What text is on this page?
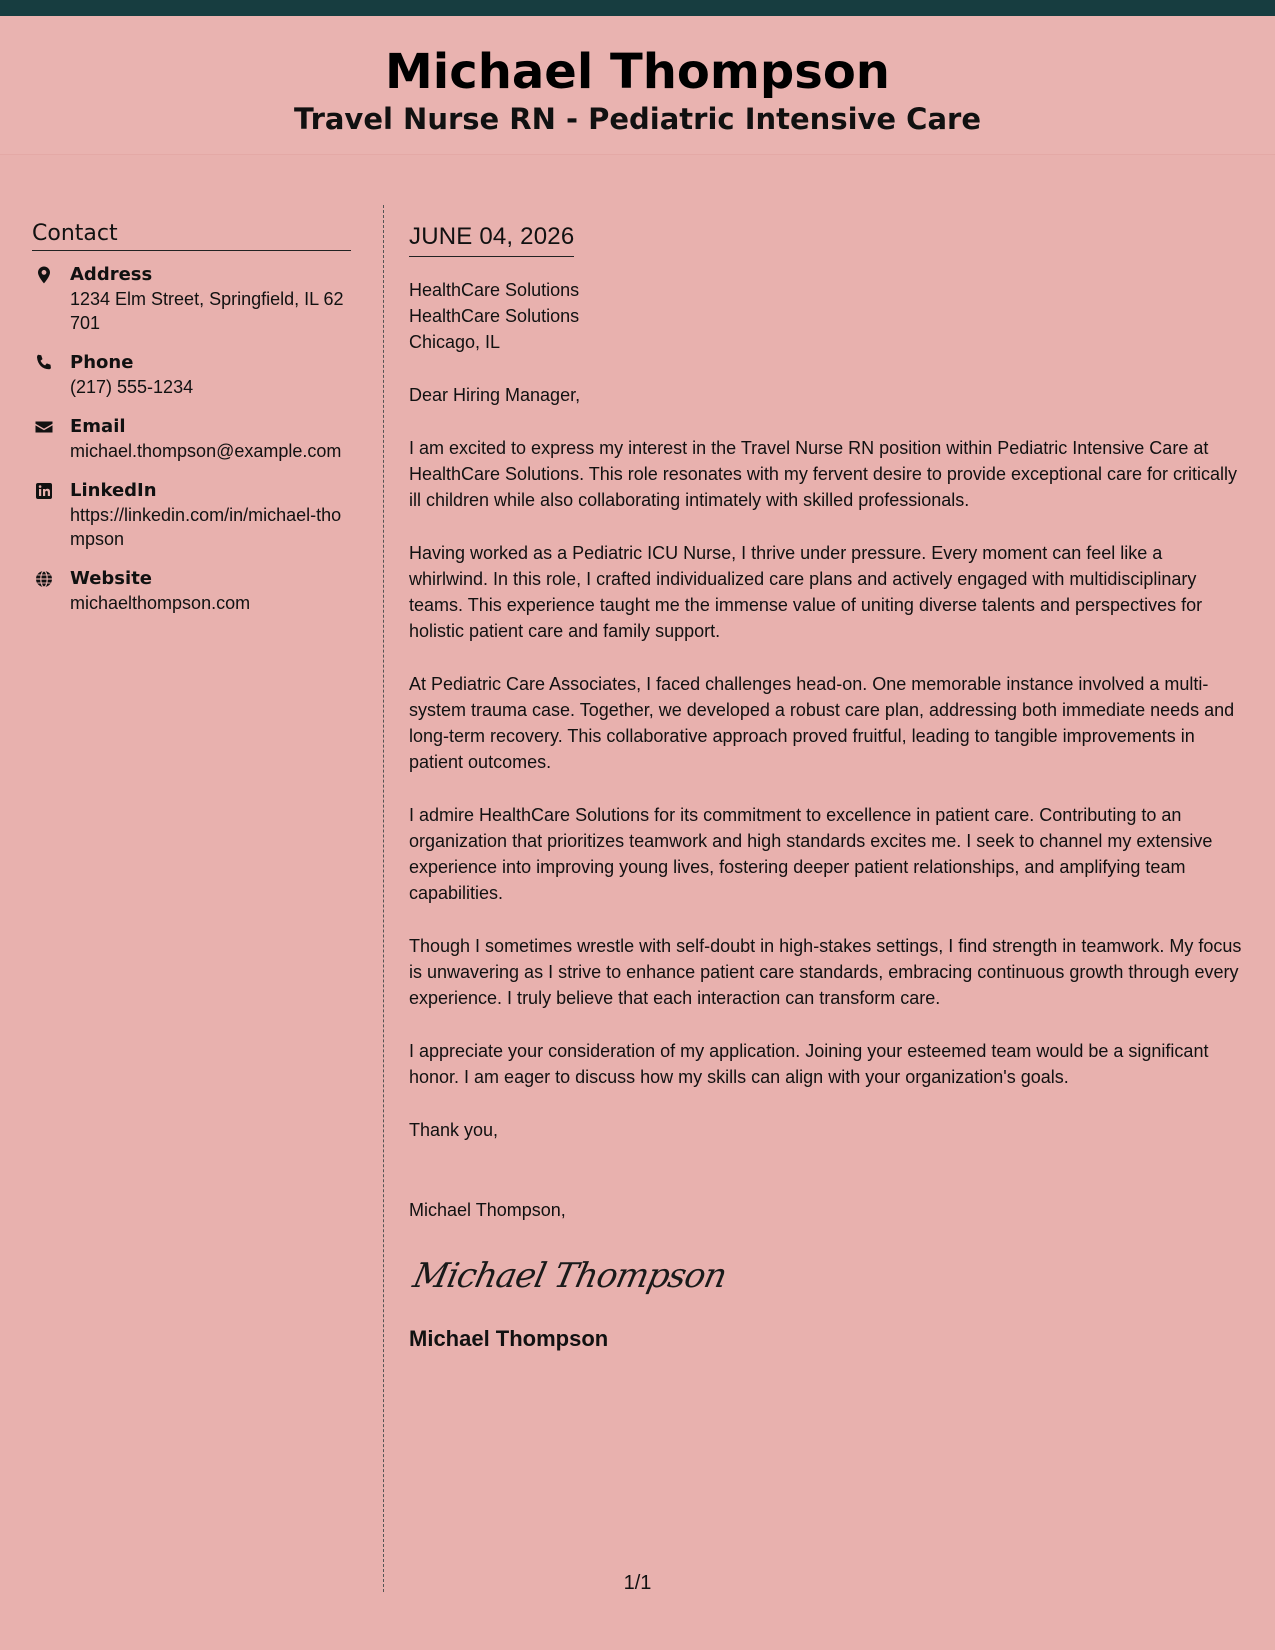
Michael Thompson
Travel Nurse RN - Pediatric Intensive Care
Contact
Address
1234 Elm Street, Springfield, IL 62701
Phone
(217) 555-1234
Email
michael.thompson@example.com
LinkedIn
https://linkedin.com/in/michael-thompson
Website
michaelthompson.com
JUNE 04, 2026
HealthCare Solutions
HealthCare Solutions
Chicago, IL
Dear Hiring Manager,

I am excited to express my interest in the Travel Nurse RN position within Pediatric Intensive Care at HealthCare Solutions. This role resonates with my fervent desire to provide exceptional care for critically ill children while also collaborating intimately with skilled professionals.

Having worked as a Pediatric ICU Nurse, I thrive under pressure. Every moment can feel like a whirlwind. In this role, I crafted individualized care plans and actively engaged with multidisciplinary teams. This experience taught me the immense value of uniting diverse talents and perspectives for holistic patient care and family support.

At Pediatric Care Associates, I faced challenges head-on. One memorable instance involved a multi-system trauma case. Together, we developed a robust care plan, addressing both immediate needs and long-term recovery. This collaborative approach proved fruitful, leading to tangible improvements in patient outcomes.

I admire HealthCare Solutions for its commitment to excellence in patient care. Contributing to an organization that prioritizes teamwork and high standards excites me. I seek to channel my extensive experience into improving young lives, fostering deeper patient relationships, and amplifying team capabilities.

Though I sometimes wrestle with self-doubt in high-stakes settings, I find strength in teamwork. My focus is unwavering as I strive to enhance patient care standards, embracing continuous growth through every experience. I truly believe that each interaction can transform care.

I appreciate your consideration of my application. Joining your esteemed team would be a significant honor. I am eager to discuss how my skills can align with your organization's goals.

Thank you,
Michael Thompson,
Michael Thompson
Michael Thompson
1/1
